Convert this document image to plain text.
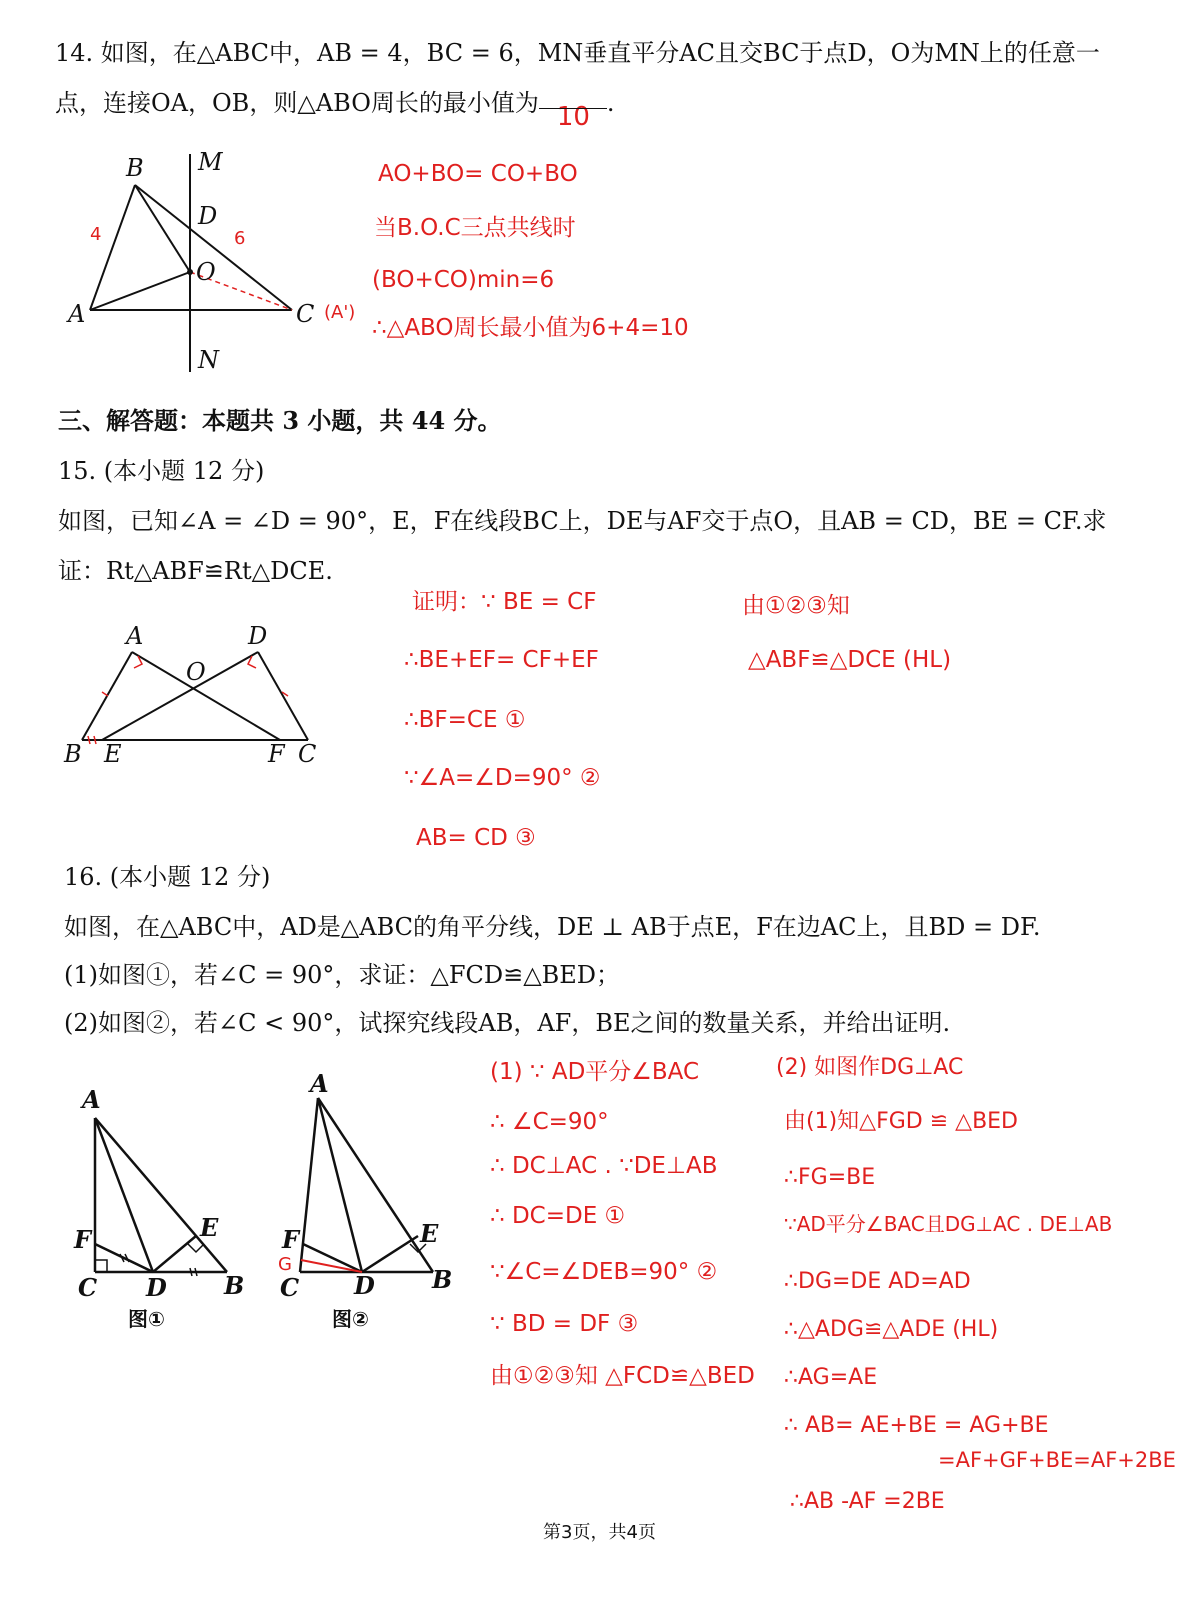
14. 如图，在△ABC中，AB = 4，BC = 6，MN垂直平分AC且交BC于点D，O为MN上的任意一
点，连接OA，OB，则△ABO周长的最小值为 10 .
B M
D
O
A	C
N
4	6
(A')
AO+BO= CO+BO
当B.O.C三点共线时
(BO+CO)min=6
∴△ABO周长最小值为6+4=10
三、解答题：本题共 3 小题，共 44 分。
15. (本小题 12 分)
如图，已知∠A = ∠D = 90°，E，F在线段BC上，DE与AF交于点O，且AB = CD，BE = CF.求
证：Rt△ABF≌Rt△DCE.
A	D
O
B E	F C
证明：∵ BE = CF
∴BE+EF= CF+EF
∴BF=CE ①
∵∠A=∠D=90° ②
AB= CD ③
由①②③知
△ABF≌△DCE (HL)
16. (本小题 12 分)
如图，在△ABC中，AD是△ABC的角平分线，DE ⊥ AB于点E，F在边AC上，且BD = DF.
(1)如图①，若∠C = 90°，求证：△FCD≌△BED；
(2)如图②，若∠C < 90°，试探究线段AB，AF，BE之间的数量关系，并给出证明.
A
F
C D
E
B
图①
A
F
G
C D
E
B
图②
(1) ∵ AD平分∠BAC
∴ ∠C=90°
∴ DC⊥AC . ∵DE⊥AB
∴ DC=DE ①
∵∠C=∠DEB=90° ②
∵ BD = DF ③
由①②③知 △FCD≌△BED
(2) 如图作DG⊥AC
由(1)知△FGD ≌ △BED
∴FG=BE
∵AD平分∠BAC且DG⊥AC . DE⊥AB
∴DG=DE AD=AD
∴△ADG≌△ADE (HL)
∴AG=AE
∴ AB= AE+BE = AG+BE
=AF+GF+BE=AF+2BE
∴AB -AF =2BE
第3页，共4页
